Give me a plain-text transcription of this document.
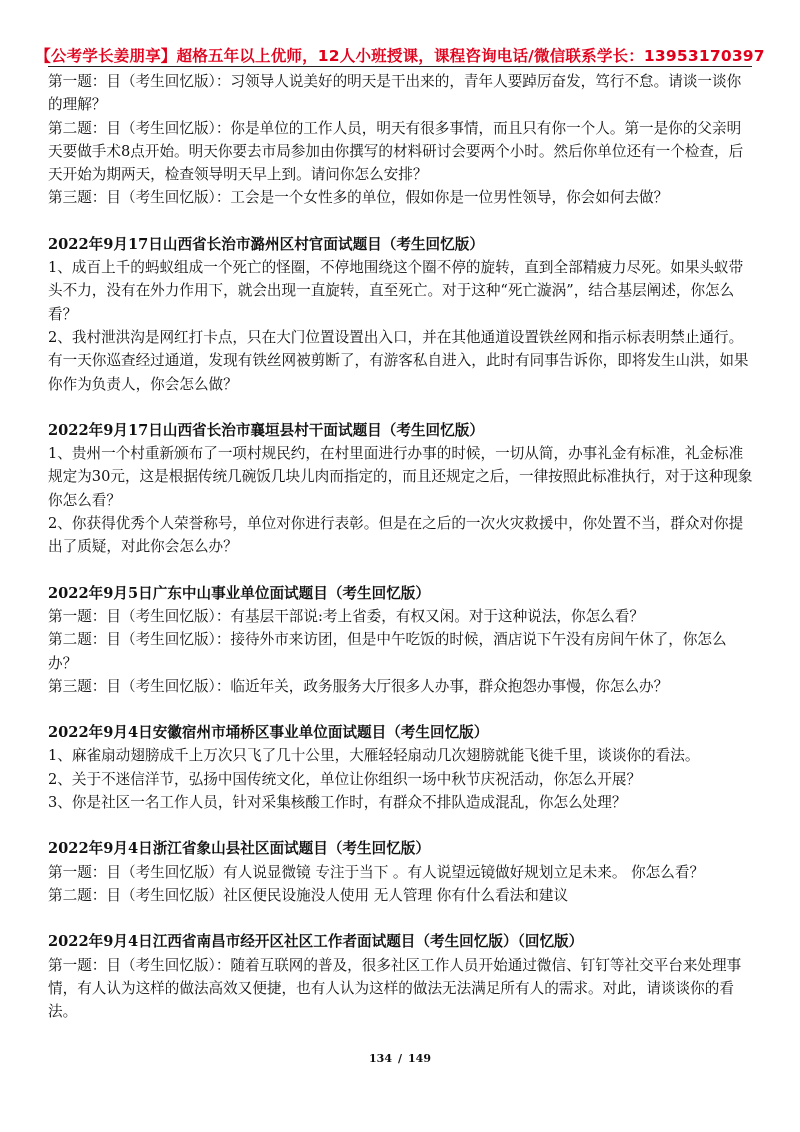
【公考学长姜朋享】超格五年以上优师，12人小班授课，课程咨询电话/微信联系学长：13953170397

第一题：目（考生回忆版）：习领导人说美好的明天是干出来的，青年人要踔厉奋发，笃行不怠。请谈一谈你的理解？

第二题：目（考生回忆版）：你是单位的工作人员，明天有很多事情，而且只有你一个人。第一是你的父亲明天要做手术8点开始。明天你要去市局参加由你撰写的材料研讨会要两个小时。然后你单位还有一个检查，后天开始为期两天，检查领导明天早上到。请问你怎么安排？

第三题：目（考生回忆版）：工会是一个女性多的单位，假如你是一位男性领导，你会如何去做？

2022年9月17日山西省长治市潞州区村官面试题目（考生回忆版）

1、成百上千的蚂蚁组成一个死亡的怪圈，不停地围绕这个圈不停的旋转，直到全部精疲力尽死。如果头蚁带头不力，没有在外力作用下，就会出现一直旋转，直至死亡。对于这种“死亡漩涡”，结合基层阐述，你怎么看？

2、我村泄洪沟是网红打卡点，只在大门位置设置出入口，并在其他通道设置铁丝网和指示标表明禁止通行。有一天你巡查经过通道，发现有铁丝网被剪断了，有游客私自进入，此时有同事告诉你，即将发生山洪，如果你作为负责人，你会怎么做？

2022年9月17日山西省长治市襄垣县村干面试题目（考生回忆版）

1、贵州一个村重新颁布了一项村规民约，在村里面进行办事的时候，一切从简，办事礼金有标准，礼金标准规定为30元，这是根据传统几碗饭几块儿肉而指定的，而且还规定之后，一律按照此标准执行，对于这种现象你怎么看？

2、你获得优秀个人荣誉称号，单位对你进行表彰。但是在之后的一次火灾救援中，你处置不当，群众对你提出了质疑，对此你会怎么办？

2022年9月5日广东中山事业单位面试题目（考生回忆版）

第一题：目（考生回忆版）：有基层干部说:考上省委，有权又闲。对于这种说法，你怎么看？

第二题：目（考生回忆版）：接待外市来访团，但是中午吃饭的时候，酒店说下午没有房间午休了，你怎么办？

第三题：目（考生回忆版）：临近年关，政务服务大厅很多人办事，群众抱怨办事慢，你怎么办？

2022年9月4日安徽宿州市埇桥区事业单位面试题目（考生回忆版）

1、麻雀扇动翅膀成千上万次只飞了几十公里，大雁轻轻扇动几次翅膀就能飞徙千里，谈谈你的看法。

2、关于不迷信洋节，弘扬中国传统文化，单位让你组织一场中秋节庆祝活动，你怎么开展？

3、你是社区一名工作人员，针对采集核酸工作时，有群众不排队造成混乱，你怎么处理？

2022年9月4日浙江省象山县社区面试题目（考生回忆版）

第一题：目（考生回忆版）有人说显微镜 专注于当下 。有人说望远镜做好规划立足未来。 你怎么看？

第二题：目（考生回忆版）社区便民设施没人使用 无人管理 你有什么看法和建议

2022年9月4日江西省南昌市经开区社区工作者面试题目（考生回忆版）（回忆版）

第一题：目（考生回忆版）：随着互联网的普及，很多社区工作人员开始通过微信、钉钉等社交平台来处理事情，有人认为这样的做法高效又便捷，也有人认为这样的做法无法满足所有人的需求。对此，请谈谈你的看法。

134 / 149
